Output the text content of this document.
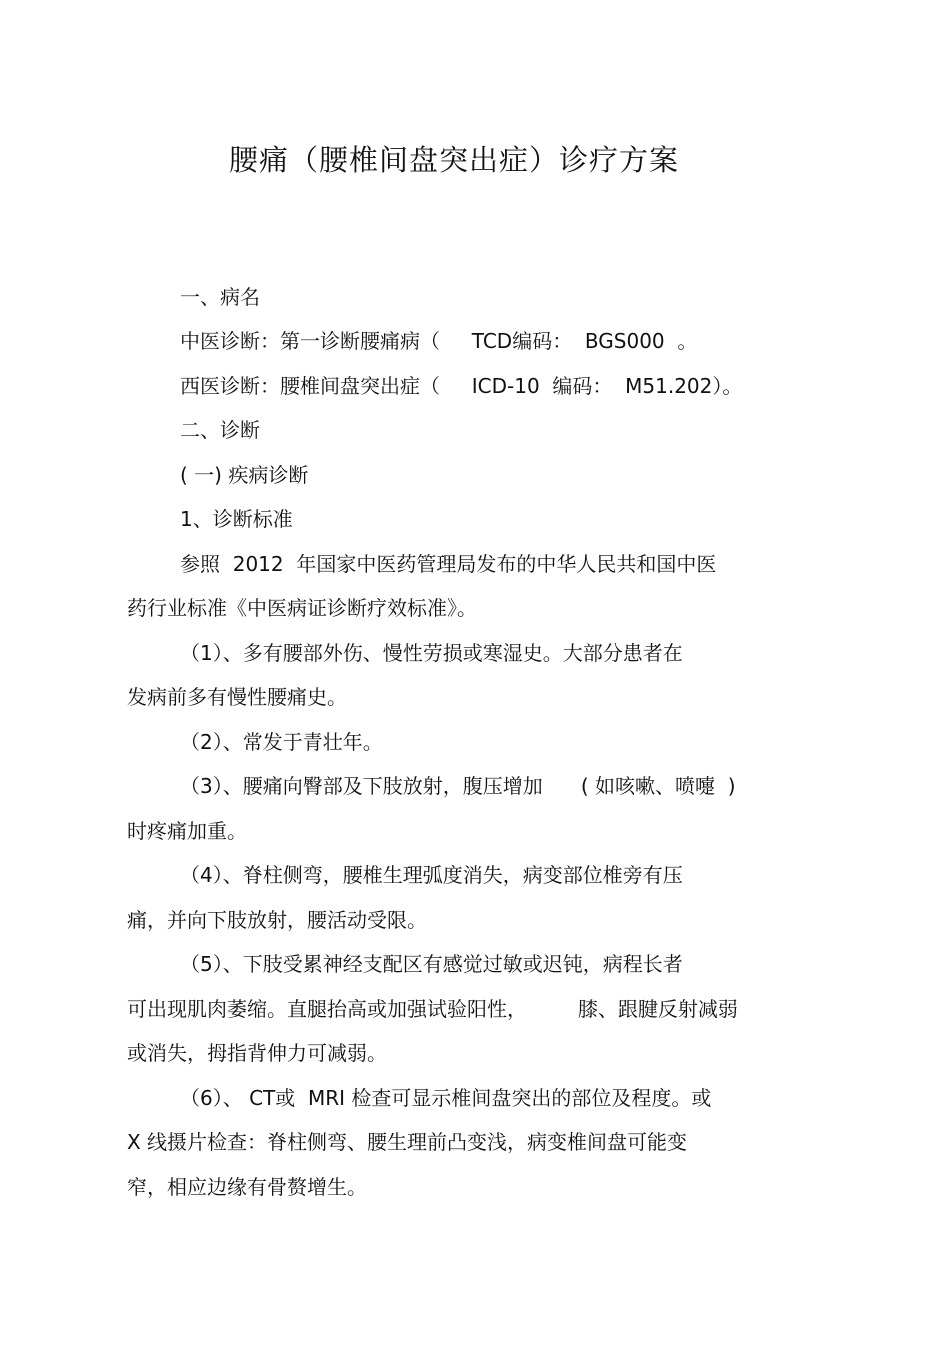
腰痛（腰椎间盘突出症）诊疗方案
一、病名
中医诊断：第一诊断腰痛病（     TCD编码：  BGS000  。
西医诊断：腰椎间盘突出症（     ICD-10  编码：  M51.202）。
二、诊断
( 一) 疾病诊断
1、诊断标准
参照  2012  年国家中医药管理局发布的中华人民共和国中医
药行业标准《中医病证诊断疗效标准》。
（1）、多有腰部外伤、慢性劳损或寒湿史。大部分患者在
发病前多有慢性腰痛史。
（2）、常发于青壮年。
（3）、腰痛向臀部及下肢放射，腹压增加      ( 如咳嗽、喷嚏  )
时疼痛加重。
（4）、脊柱侧弯，腰椎生理弧度消失，病变部位椎旁有压
痛，并向下肢放射，腰活动受限。
（5）、下肢受累神经支配区有感觉过敏或迟钝，病程长者
可出现肌肉萎缩。直腿抬高或加强试验阳性，        膝、跟腱反射减弱
或消失，拇指背伸力可减弱。
（6）、 CT或  MRI 检查可显示椎间盘突出的部位及程度。或
X 线摄片检查：脊柱侧弯、腰生理前凸变浅，病变椎间盘可能变
窄，相应边缘有骨赘增生。
